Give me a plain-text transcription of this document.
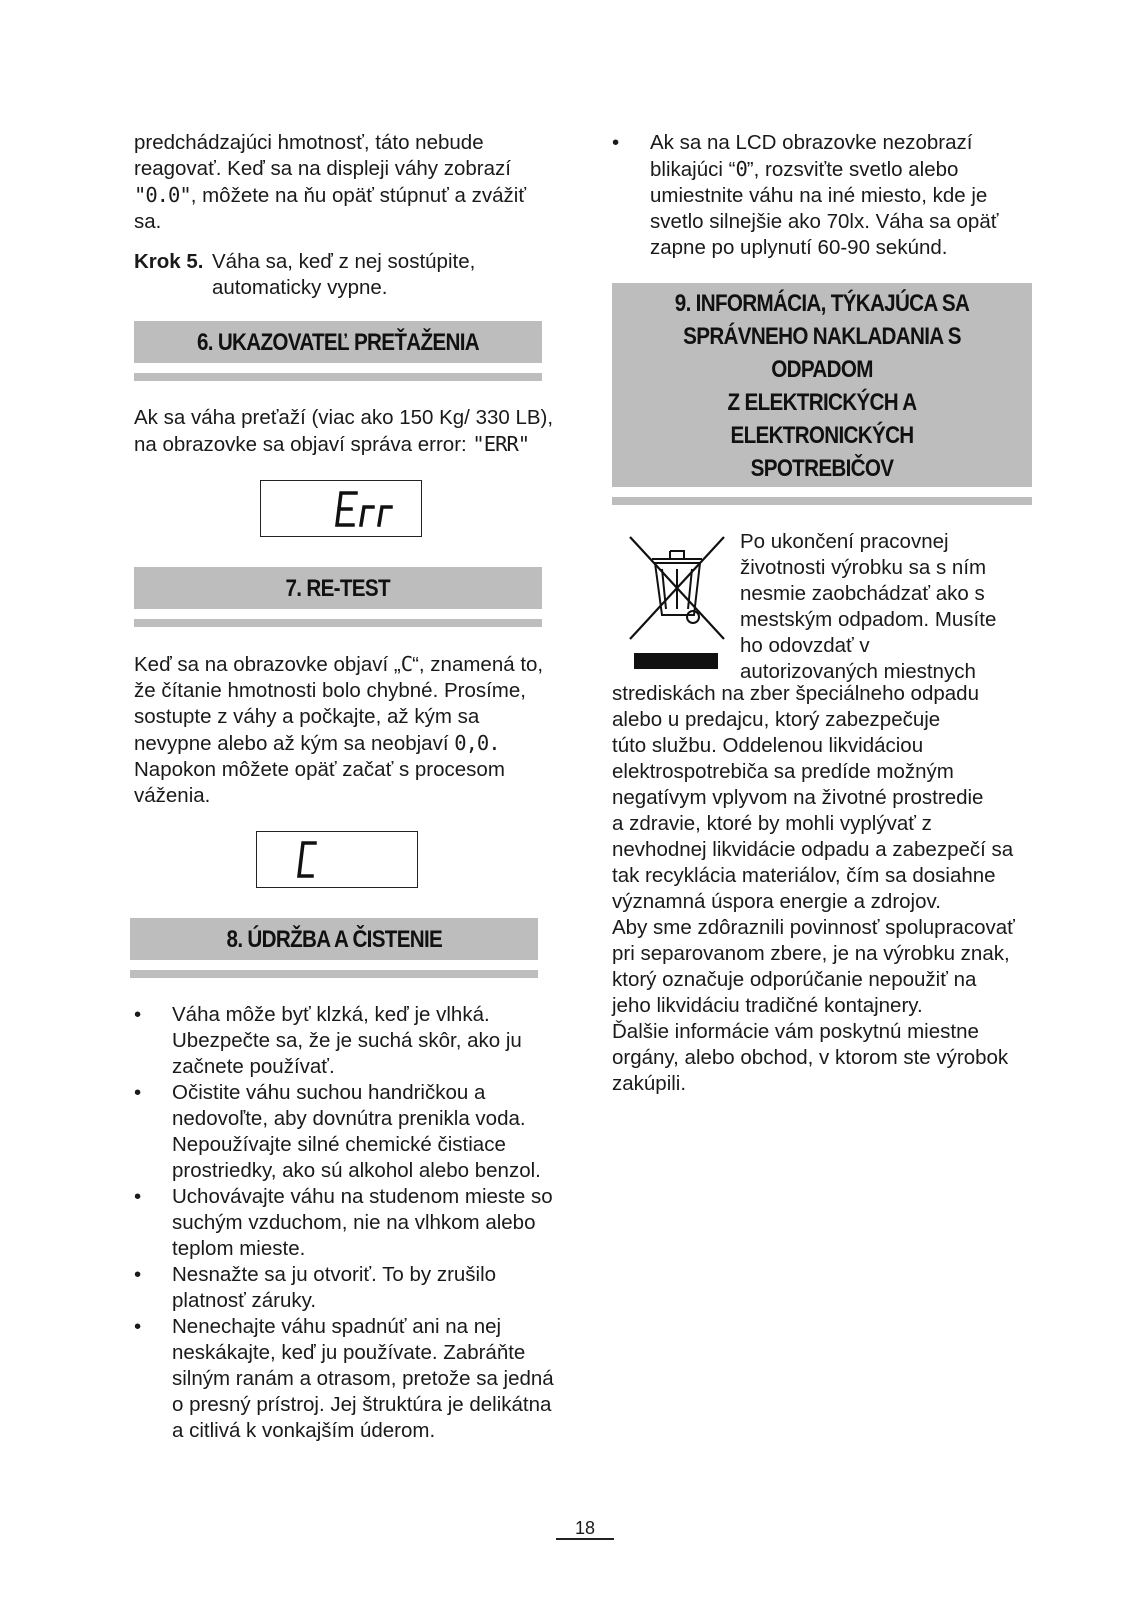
predchádzajúci hmotnosť, táto nebude reagovať. Keď sa na displeji váhy zobrazí "0.0", môžete na ňu opäť stúpnuť a zvážiť sa.

Krok 5. Váha sa, keď z nej sostúpite, automaticky vypne.

6. UKAZOVATEĽ PREŤAŽENIA

Ak sa váha preťaží (viac ako 150 Kg/ 330 LB), na obrazovke sa objaví správa error: "ERR"

7. RE-TEST

Keď sa na obrazovke objaví „C“, znamená to, že čítanie hmotnosti bolo chybné. Prosíme, sostupte z váhy a počkajte, až kým sa nevypne alebo až kým sa neobjaví 0,0. Napokon môžete opäť začať s procesom váženia.

8. ÚDRŽBA A ČISTENIE

• Váha môže byť klzká, keď je vlhká. Ubezpečte sa, že je suchá skôr, ako ju začnete používať.

• Očistite váhu suchou handričkou a nedovoľte, aby dovnútra prenikla voda. Nepoužívajte silné chemické čistiace prostriedky, ako sú alkohol alebo benzol.

• Uchovávajte váhu na studenom mieste so suchým vzduchom, nie na vlhkom alebo teplom mieste.

• Nesnažte sa ju otvoriť. To by zrušilo platnosť záruky.

• Nenechajte váhu spadnúť ani na nej neskákajte, keď ju používate. Zabráňte silným ranám a otrasom, pretože sa jedná o presný prístroj. Jej štruktúra je delikátna a citlivá k vonkajším úderom.

• Ak sa na LCD obrazovke nezobrazí blikajúci “0”, rozsviťte svetlo alebo umiestnite váhu na iné miesto, kde je svetlo silnejšie ako 70lx. Váha sa opäť zapne po uplynutí 60-90 sekúnd.

9. INFORMÁCIA, TÝKAJÚCA SA
SPRÁVNEHO NAKLADANIA S ODPADOM
Z ELEKTRICKÝCH A ELEKTRONICKÝCH
SPOTREBIČOV

Po ukončení pracovnej

životnosti výrobku sa s ním

nesmie zaobchádzať ako s

mestským odpadom. Musíte

ho odovzdať v

autorizovaných miestnych

strediskách na zber špeciálneho odpadu

alebo u predajcu, ktorý zabezpečuje

túto službu. Oddelenou likvidáciou

elektrospotrebiča sa predíde možným

negatívym vplyvom na životné prostredie

a zdravie, ktoré by mohli vyplývať z

nevhodnej likvidácie odpadu a zabezpečí sa

tak recyklácia materiálov, čím sa dosiahne

významná úspora energie a zdrojov.

Aby sme zdôraznili povinnosť spolupracovať

pri separovanom zbere, je na výrobku znak,

ktorý označuje odporúčanie nepoužiť na

jeho likvidáciu tradičné kontajnery.

Ďalšie informácie vám poskytnú miestne

orgány, alebo obchod, v ktorom ste výrobok

zakúpili.

18
